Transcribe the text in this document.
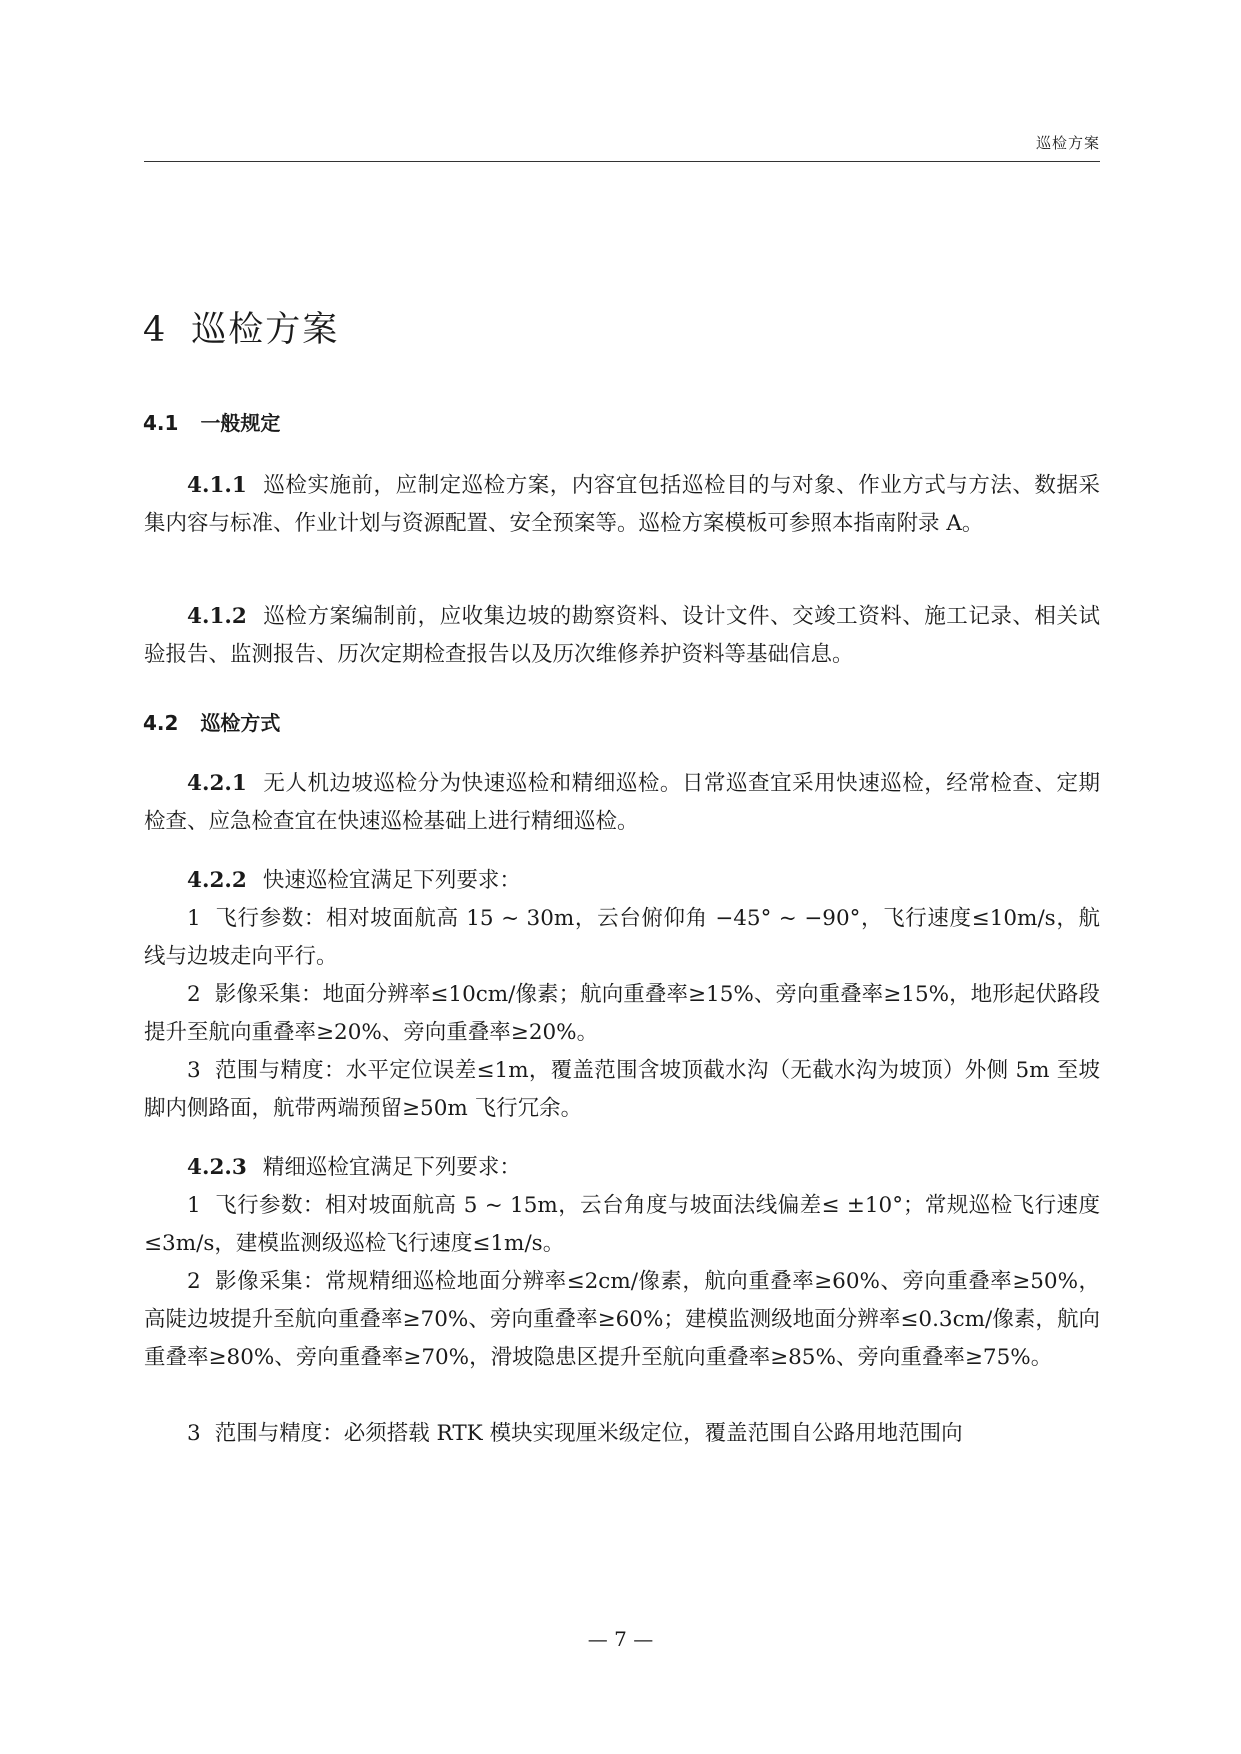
巡检方案
4 巡检方案
4.1 一般规定

4.1.1 巡检实施前，应制定巡检方案，内容宜包括巡检目的与对象、作业方式与方法、数据采集内容与标准、作业计划与资源配置、安全预案等。巡检方案模板可参照本指南附录 A。

4.1.2 巡检方案编制前，应收集边坡的勘察资料、设计文件、交竣工资料、施工记录、相关试验报告、监测报告、历次定期检查报告以及历次维修养护资料等基础信息。

4.2 巡检方式

4.2.1 无人机边坡巡检分为快速巡检和精细巡检。日常巡查宜采用快速巡检，经常检查、定期检查、应急检查宜在快速巡检基础上进行精细巡检。

4.2.2 快速巡检宜满足下列要求：

1 飞行参数：相对坡面航高 15 ~ 30m，云台俯仰角 −45° ~ −90°，飞行速度≤10m/s，航线与边坡走向平行。

2 影像采集：地面分辨率≤10cm/像素；航向重叠率≥15%、旁向重叠率≥15%，地形起伏路段提升至航向重叠率≥20%、旁向重叠率≥20%。

3 范围与精度：水平定位误差≤1m，覆盖范围含坡顶截水沟（无截水沟为坡顶）外侧 5m 至坡脚内侧路面，航带两端预留≥50m 飞行冗余。

4.2.3 精细巡检宜满足下列要求：

1 飞行参数：相对坡面航高 5 ~ 15m，云台角度与坡面法线偏差≤ ±10°；常规巡检飞行速度≤3m/s，建模监测级巡检飞行速度≤1m/s。

2 影像采集：常规精细巡检地面分辨率≤2cm/像素，航向重叠率≥60%、旁向重叠率≥50%，高陡边坡提升至航向重叠率≥70%、旁向重叠率≥60%；建模监测级地面分辨率≤0.3cm/像素，航向重叠率≥80%、旁向重叠率≥70%，滑坡隐患区提升至航向重叠率≥85%、旁向重叠率≥75%。

3 范围与精度：必须搭载 RTK 模块实现厘米级定位，覆盖范围自公路用地范围向

— 7 —
